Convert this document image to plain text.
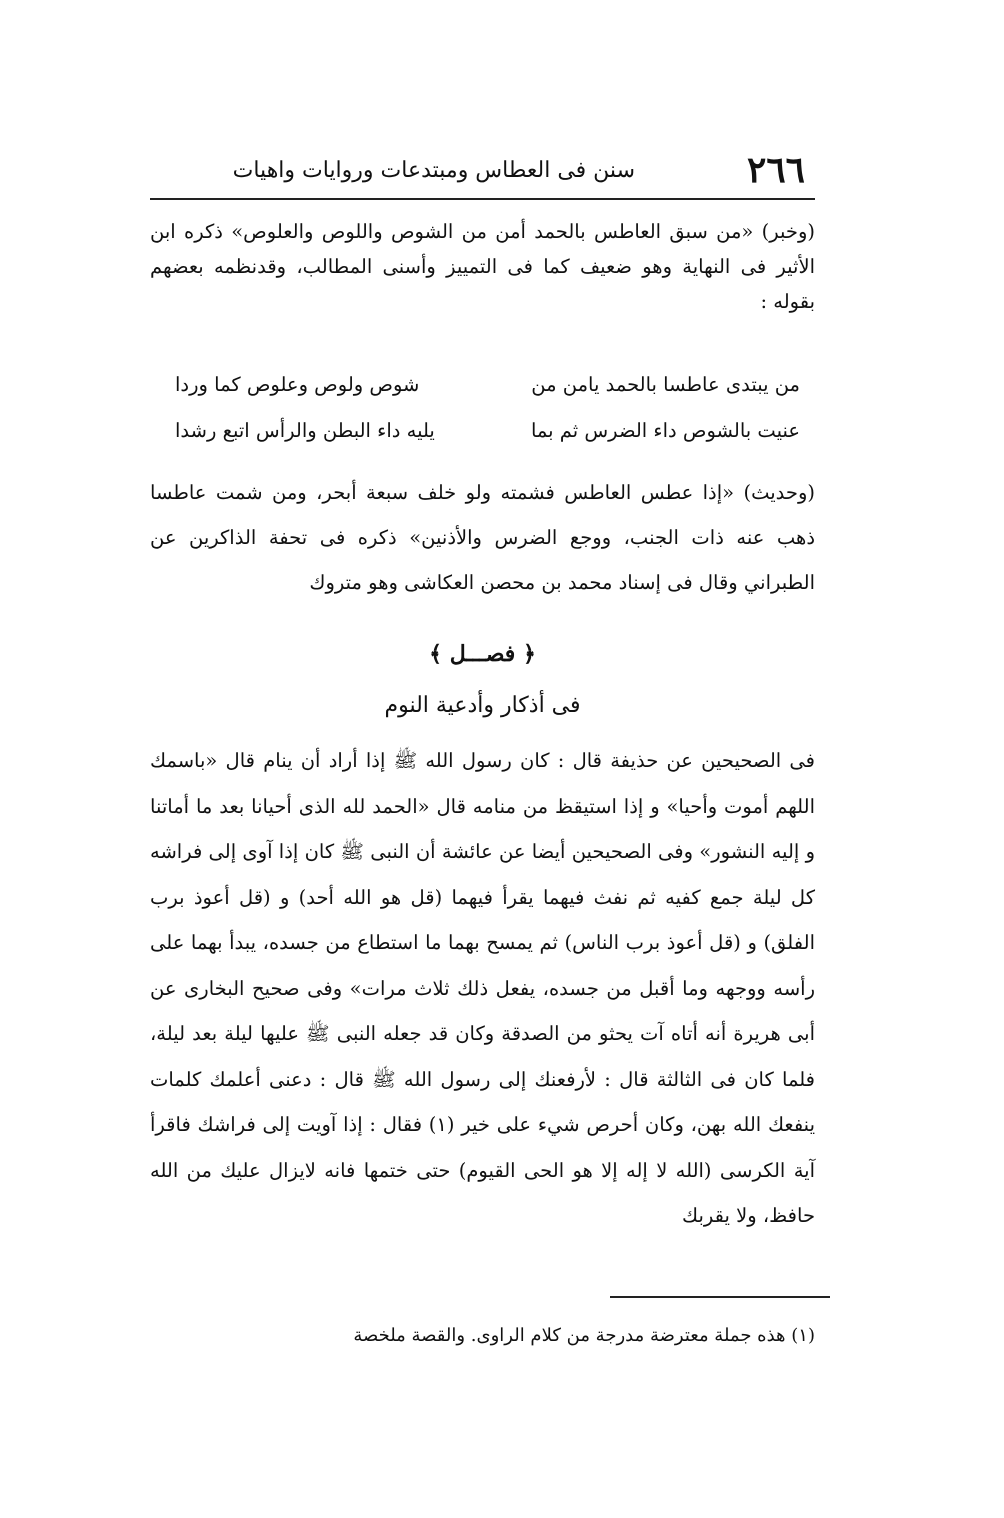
٢٦٦
سنن فى العطاس ومبتدعات وروايات واهيات
(وخبر) «من سبق العاطس بالحمد أمن من الشوص واللوص والعلوص» ذكره ابن الأثير فى النهاية وهو ضعيف كما فى التمييز وأسنى المطالب، وقدنظمه بعضهم بقوله :
من يبتدى عاطسا بالحمد يامن من
شوص ولوص وعلوص كما وردا
عنيت بالشوص داء الضرس ثم بما
يليه داء البطن والرأس اتبع رشدا
(وحديث) «إذا عطس العاطس فشمته ولو خلف سبعة أبحر، ومن شمت عاطسا ذهب عنه ذات الجنب، ووجع الضرس والأذنين» ذكره فى تحفة الذاكرين عن الطبراني وقال فى إسناد محمد بن محصن العكاشى وهو متروك
﴿ فصـــل ﴾
فى أذكار وأدعية النوم
فى الصحيحين عن حذيفة قال : كان رسول الله ﷺ إذا أراد أن ينام قال «باسمك اللهم أموت وأحيا» و إذا استيقظ من منامه قال «الحمد لله الذى أحيانا بعد ما أماتنا و إليه النشور» وفى الصحيحين أيضا عن عائشة أن النبى ﷺ كان إذا آوى إلى فراشه كل ليلة جمع كفيه ثم نفث فيهما يقرأ فيهما (قل هو الله أحد) و (قل أعوذ برب الفلق) و (قل أعوذ برب الناس) ثم يمسح بهما ما استطاع من جسده، يبدأ بهما على رأسه ووجهه وما أقبل من جسده، يفعل ذلك ثلاث مرات» وفى صحيح البخارى عن أبى هريرة أنه أتاه آت يحثو من الصدقة وكان قد جعله النبى ﷺ عليها ليلة بعد ليلة، فلما كان فى الثالثة قال : لأرفعنك إلى رسول الله ﷺ قال : دعنى أعلمك كلمات ينفعك الله بهن، وكان أحرص شيء على خير (١) فقال : إذا آويت إلى فراشك فاقرأ آية الكرسى (الله لا إله إلا هو الحى القيوم) حتى ختمها فانه لايزال عليك من الله حافظ، ولا يقربك
(١) هذه جملة معترضة مدرجة من كلام الراوى. والقصة ملخصة
